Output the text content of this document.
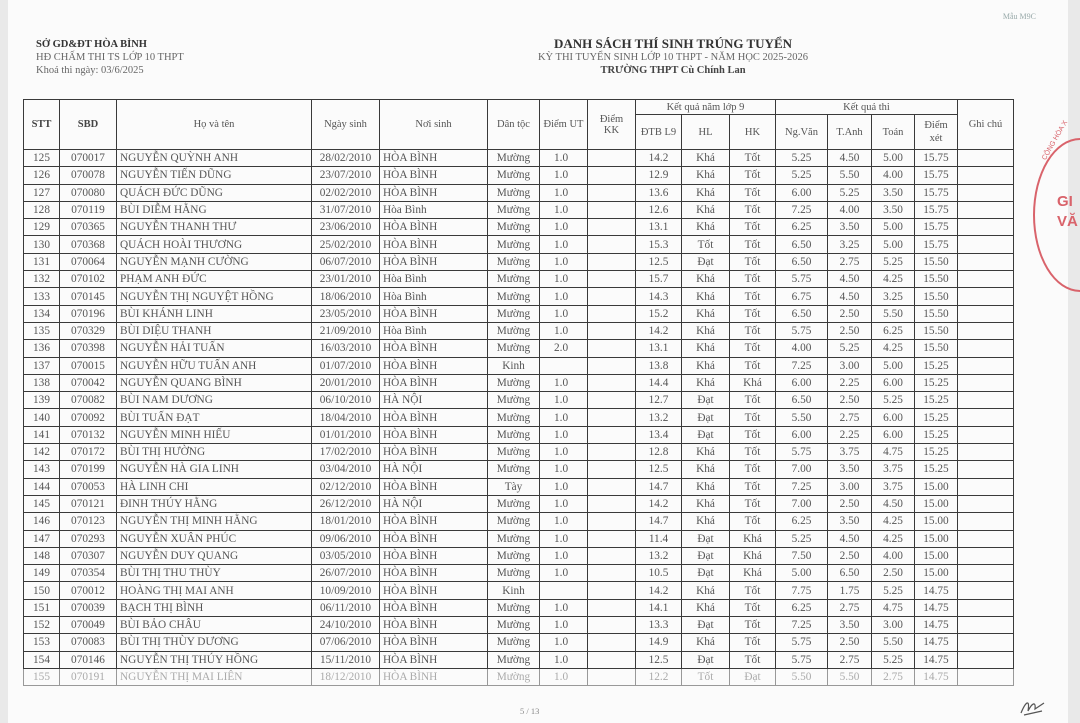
Mẫu M9C
SỞ GD&ĐT HÒA BÌNH
HĐ CHẤM THI TS LỚP 10 THPT
Khoá thi ngày: 03/6/2025
DANH SÁCH THÍ SINH TRÚNG TUYỂN
KỲ THI TUYỂN SINH LỚP 10 THPT - NĂM HỌC 2025-2026
TRƯỜNG THPT Cù Chính Lan
STT	SBD	Họ và tên	Ngày sinh	Nơi sinh	Dân tộc	Điểm UT	Điểm KK	Kết quả năm lớp 9			Kết quả thi				Ghi chú
								ĐTB L9	HL	HK	Ng.Văn	T.Anh	Toán	Điểm xét	
125	070017	NGUYỄN QUỲNH ANH	28/02/2010	HÒA BÌNH	Mường	1.0		14.2	Khá	Tốt	5.25	4.50	5.00	15.75	
126	070078	NGUYỄN TIẾN DŨNG	23/07/2010	HÒA BÌNH	Mường	1.0		12.9	Khá	Tốt	5.25	5.50	4.00	15.75	
127	070080	QUÁCH ĐỨC DŨNG	02/02/2010	HÒA BÌNH	Mường	1.0		13.6	Khá	Tốt	6.00	5.25	3.50	15.75	
128	070119	BÙI DIỄM HẰNG	31/07/2010	Hòa Bình	Mường	1.0		12.6	Khá	Tốt	7.25	4.00	3.50	15.75	
129	070365	NGUYỄN THANH THƯ	23/06/2010	HÒA BÌNH	Mường	1.0		13.1	Khá	Tốt	6.25	3.50	5.00	15.75	
130	070368	QUÁCH HOÀI THƯƠNG	25/02/2010	HÒA BÌNH	Mường	1.0		15.3	Tốt	Tốt	6.50	3.25	5.00	15.75	
131	070064	NGUYỄN MẠNH CƯỜNG	06/07/2010	HÒA BÌNH	Mường	1.0		12.5	Đạt	Tốt	6.50	2.75	5.25	15.50	
132	070102	PHẠM ANH ĐỨC	23/01/2010	Hòa Bình	Mường	1.0		15.7	Khá	Tốt	5.75	4.50	4.25	15.50	
133	070145	NGUYỄN THỊ NGUYỆT HỒNG	18/06/2010	Hòa Bình	Mường	1.0		14.3	Khá	Tốt	6.75	4.50	3.25	15.50	
134	070196	BÙI KHÁNH LINH	23/05/2010	HÒA BÌNH	Mường	1.0		15.2	Khá	Tốt	6.50	2.50	5.50	15.50	
135	070329	BÙI DIỆU THANH	21/09/2010	Hòa Bình	Mường	1.0		14.2	Khá	Tốt	5.75	2.50	6.25	15.50	
136	070398	NGUYỄN HẢI TUẤN	16/03/2010	HÒA BÌNH	Mường	2.0		13.1	Khá	Tốt	4.00	5.25	4.25	15.50	
137	070015	NGUYỄN HỮU TUẤN ANH	01/07/2010	HÒA BÌNH	Kinh			13.8	Khá	Tốt	7.25	3.00	5.00	15.25	
138	070042	NGUYỄN QUANG BÌNH	20/01/2010	HÒA BÌNH	Mường	1.0		14.4	Khá	Khá	6.00	2.25	6.00	15.25	
139	070082	BÙI NAM DƯƠNG	06/10/2010	HÀ NỘI	Mường	1.0		12.7	Đạt	Tốt	6.50	2.50	5.25	15.25	
140	070092	BÙI TUẤN ĐẠT	18/04/2010	HÒA BÌNH	Mường	1.0		13.2	Đạt	Tốt	5.50	2.75	6.00	15.25	
141	070132	NGUYỄN MINH HIẾU	01/01/2010	HÒA BÌNH	Mường	1.0		13.4	Đạt	Tốt	6.00	2.25	6.00	15.25	
142	070172	BÙI THỊ HƯỜNG	17/02/2010	HÒA BÌNH	Mường	1.0		12.8	Khá	Tốt	5.75	3.75	4.75	15.25	
143	070199	NGUYỄN HÀ GIA LINH	03/04/2010	HÀ NỘI	Mường	1.0		12.5	Khá	Tốt	7.00	3.50	3.75	15.25	
144	070053	HÀ LINH CHI	02/12/2010	HÒA BÌNH	Tày	1.0		14.7	Khá	Tốt	7.25	3.00	3.75	15.00	
145	070121	ĐINH THÚY HẰNG	26/12/2010	HÀ NỘI	Mường	1.0		14.2	Khá	Tốt	7.00	2.50	4.50	15.00	
146	070123	NGUYỄN THỊ MINH HẰNG	18/01/2010	HÒA BÌNH	Mường	1.0		14.7	Khá	Tốt	6.25	3.50	4.25	15.00	
147	070293	NGUYỄN XUÂN PHÚC	09/06/2010	HÒA BÌNH	Mường	1.0		11.4	Đạt	Khá	5.25	4.50	4.25	15.00	
148	070307	NGUYỄN DUY QUANG	03/05/2010	HÒA BÌNH	Mường	1.0		13.2	Đạt	Khá	7.50	2.50	4.00	15.00	
149	070354	BÙI THỊ THU THÙY	26/07/2010	HÒA BÌNH	Mường	1.0		10.5	Đạt	Khá	5.00	6.50	2.50	15.00	
150	070012	HOÀNG THỊ MAI ANH	10/09/2010	HÒA BÌNH	Kinh			14.2	Khá	Tốt	7.75	1.75	5.25	14.75	
151	070039	BẠCH THỊ BÌNH	06/11/2010	HÒA BÌNH	Mường	1.0		14.1	Khá	Tốt	6.25	2.75	4.75	14.75	
152	070049	BÙI BẢO CHÂU	24/10/2010	HÒA BÌNH	Mường	1.0		13.3	Đạt	Tốt	7.25	3.50	3.00	14.75	
153	070083	BÙI THỊ THÙY DƯƠNG	07/06/2010	HÒA BÌNH	Mường	1.0		14.9	Khá	Tốt	5.75	2.50	5.50	14.75	
154	070146	NGUYỄN THỊ THÚY HỒNG	15/11/2010	HÒA BÌNH	Mường	1.0		12.5	Đạt	Tốt	5.75	2.75	5.25	14.75	
155	070191	NGUYỄN THỊ MAI LIÊN	18/12/2010	HÒA BÌNH	Mường	1.0		12.2	Tốt	Đạt	5.50	5.50	2.75	14.75	
5 / 13
CỘNG HÒA X
GI
VĂ
